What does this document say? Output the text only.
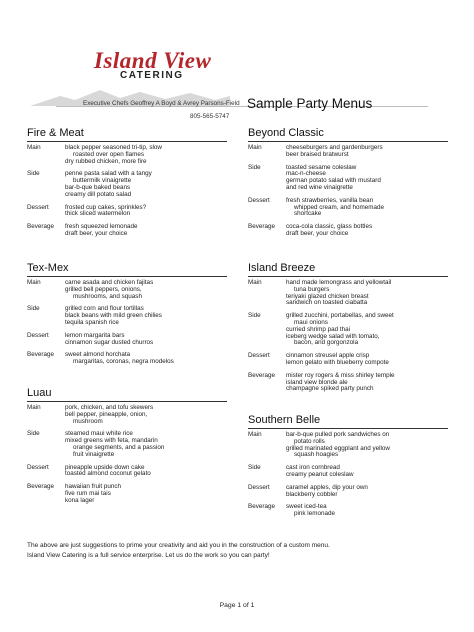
Island View
CATERING
Executive Chefs Geoffrey A Boyd & Avrey Parsons-Field
805-565-5747
Sample Party Menus
Fire & Meat
Main	black pepper seasoned tri-tip, slow
roasted over open flames
dry rubbed chicken, more fire
Side	penne pasta salad with a tangy
buttermilk vinaigrette
bar-b-que baked beans
creamy dill potato salad
Dessert	frosted cup cakes, sprinkles?
thick sliced watermelon
Beverage	fresh squeezed lemonade
draft beer, your choice
Tex-Mex
Main	carne asada and chicken fajitas
grilled bell peppers, onions,
mushrooms, and squash
Side	grilled corn and flour tortillas
black beans with mild green chilies
tequila spanish rice
Dessert	lemon margarita bars
cinnamon sugar dusted churros
Beverage	sweet almond horchata
margaritas, coronas, negra modelos
Luau
Main	pork, chicken, and tofu skewers
bell pepper, pineapple, onion,
mushroom
Side	steamed maui white rice
mixed greens with feta, mandarin
orange segments, and a passion
fruit vinaigrette
Dessert	pineapple upside down cake
toasted almond coconut gelato
Beverage	hawaiian fruit punch
five rum mai tais
kona lager
Beyond Classic
Main	cheeseburgers and gardenburgers
beer braised bratwurst
Side	toasted sesame coleslaw
mac-n-cheese
german potato salad with mustard
and red wine vinaigrette
Dessert	fresh strawberries, vanilla bean
whipped cream, and homemade
shortcake
Beverage	coca-cola classic, glass bottles
draft beer, your choice
Island Breeze
Main	hand made lemongrass and yellowtail
tuna burgers
teriyaki glazed chicken breast
sandwich on toasted ciabatta
Side	grilled zucchini, portabellas, and sweet
maui onions
curried shrimp pad thai
iceberg wedge salad with tomato,
bacon, and gorgonzola
Dessert	cinnamon streusel apple crisp
lemon gelato with blueberry compote
Beverage	mister roy rogers & miss shirley temple
island view blonde ale
champagne spiked party punch
Southern Belle
Main	bar-b-que pulled pork sandwiches on
potato rolls
grilled marinated eggplant and yellow
squash hoagies
Side	cast iron cornbread
creamy peanut coleslaw
Dessert	caramel apples, dip your own
blackberry cobbler
Beverage	sweet iced-tea
pink lemonade
The above are just suggestions to prime your creativity and aid you in the construction of a custom menu.
Island View Catering is a full service enterprise. Let us do the work so you can party!
Page 1 of 1
